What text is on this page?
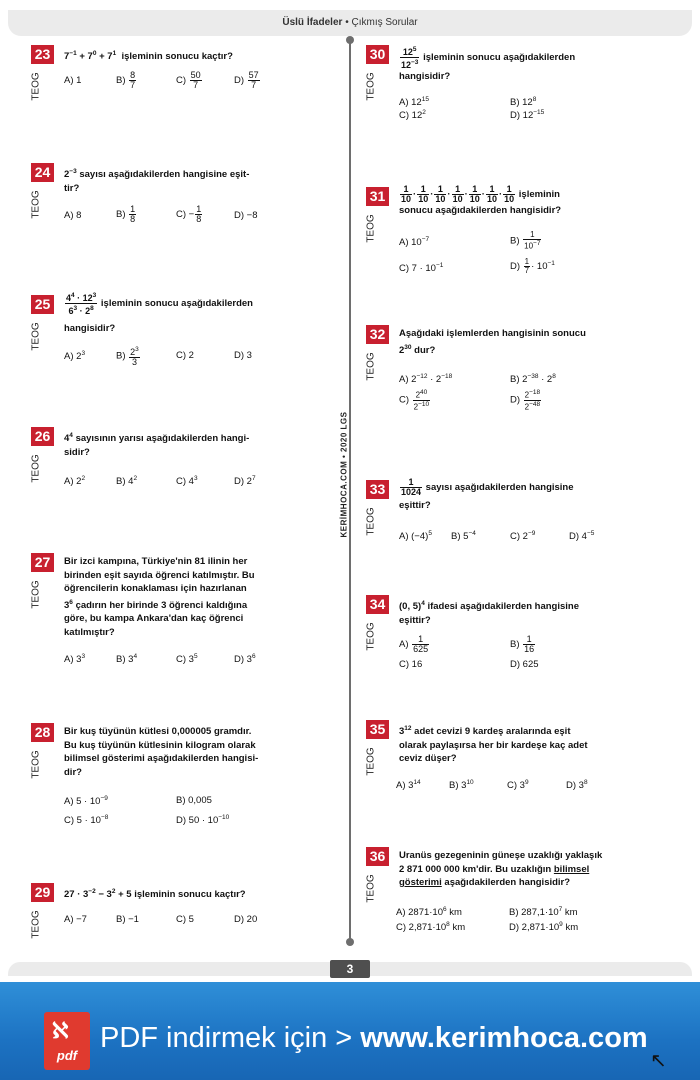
Üslü İfadeler • Çıkmış Sorular
KERİMHOCA.COM • 2020 LGS
23
TEOG
$7^{-1} + 7^0 + 7^1$ işleminin sonucu kaçtır?
A) 1	$B) \frac{8}{7}$	$C) \frac{50}{7}$	$D) \frac{57}{7}$
24
TEOG
$2^{-3}$ sayısı aşağıdakilerden hangisine eşit-
tir?
A) 8	$B) \frac{1}{8}$	$C) - \frac{1}{8}$	D) −8
25
TEOG
$\frac{4^4 \cdot 12^3}{6^3 \cdot 2^8}$ işleminin sonucu aşağıdakilerden
hangisidir?
A) $2^3$	$B) \frac{2^3}{3}$	C) 2	D) 3
26
TEOG
$4^4$ sayısının yarısı aşağıdakilerden hangi-
sidir?
A) $2^2$	B) $4^2$	C) $4^3$	D) $2^7$
27
TEOG
Bir izci kampına, Türkiye'nin 81 ilinin her
birinden eşit sayıda öğrenci katılmıştır. Bu
öğrencilerin konaklaması için hazırlanan
$3^6$ çadırın her birinde 3 öğrenci kaldığına
göre, bu kampa Ankara'dan kaç öğrenci
katılmıştır?
A) $3^3$	B) $3^4$	C) $3^5$	D) $3^6$
28
TEOG
Bir kuş tüyünün kütlesi 0,000005 gramdır.
Bu kuş tüyünün kütlesinin kilogram olarak
bilimsel gösterimi aşağıdakilerden hangisi-
dir?
A) $5 \cdot 10^{-9}$	B) 0,005
C) $5 \cdot 10^{-8}$	D) $50 \cdot 10^{-10}$
29
TEOG
$27 \cdot 3^{-2} - 3^2 + 5$ işleminin sonucu kaçtır?
A) −7	B) −1	C) 5	D) 20
30
TEOG
$\frac{12^5}{12^{-3}}$ işleminin sonucu aşağıdakilerden
hangisidir?
A) $12^{15}$	B) $12^8$
C) $12^2$	D) $12^{-15}$
31
TEOG
$\frac{1}{10} \cdot \frac{1}{10} \cdot \frac{1}{10} \cdot \frac{1}{10} \cdot \frac{1}{10} \cdot \frac{1}{10} \cdot \frac{1}{10}$ işleminin
sonucu aşağıdakilerden hangisidir?
A) $10^{-7}$	$B) \frac{1}{10^{-7}}$
C) $7 \cdot 10^{-1}$	$D) \frac{1}{7} \cdot 10^{-1}$
32
TEOG
Aşağıdaki işlemlerden hangisinin sonucu
$2^{30}$ dur?
A) $2^{-12} \cdot 2^{-18}$	B) $2^{-38} \cdot 2^8$
$C) \frac{2^{40}}{2^{-10}}$	$D) \frac{2^{-18}}{2^{-48}}$
33
TEOG
$\frac{1}{1024}$ sayısı aşağıdakilerden hangisine
eşittir?
A) $(-4)^5$ B) $5^{-4}$	C) $2^{-9}$	D) $4^{-5}$
34
TEOG
(0, 5)$^4$ ifadesi aşağıdakilerden hangisine
eşittir?
$A) \frac{1}{625}$	$B) \frac{1}{16}$
C) 16	D) 625
35
TEOG
$3^{12}$ adet cevizi 9 kardeş aralarında eşit
olarak paylaşırsa her bir kardeşe kaç adet
ceviz düşer?
A) $3^{14}$	B) $3^{10}$	C) $3^9$	D) $3^8$
36
TEOG
Uranüs gezegeninin güneşe uzaklığı yaklaşık
2 871 000 000 km'dir. Bu uzaklığın bilimsel
gösterimi aşağıdakilerden hangisidir?
A) $2871\cdot 10^6$ km	B) $287,1\cdot 10^7$ km
C) $2,871\cdot 10^8$ km	D) $2,871\cdot 10^9$ km
3
ℵ
pdf
PDF indirmek için > www.kerimhoca.com
↖
